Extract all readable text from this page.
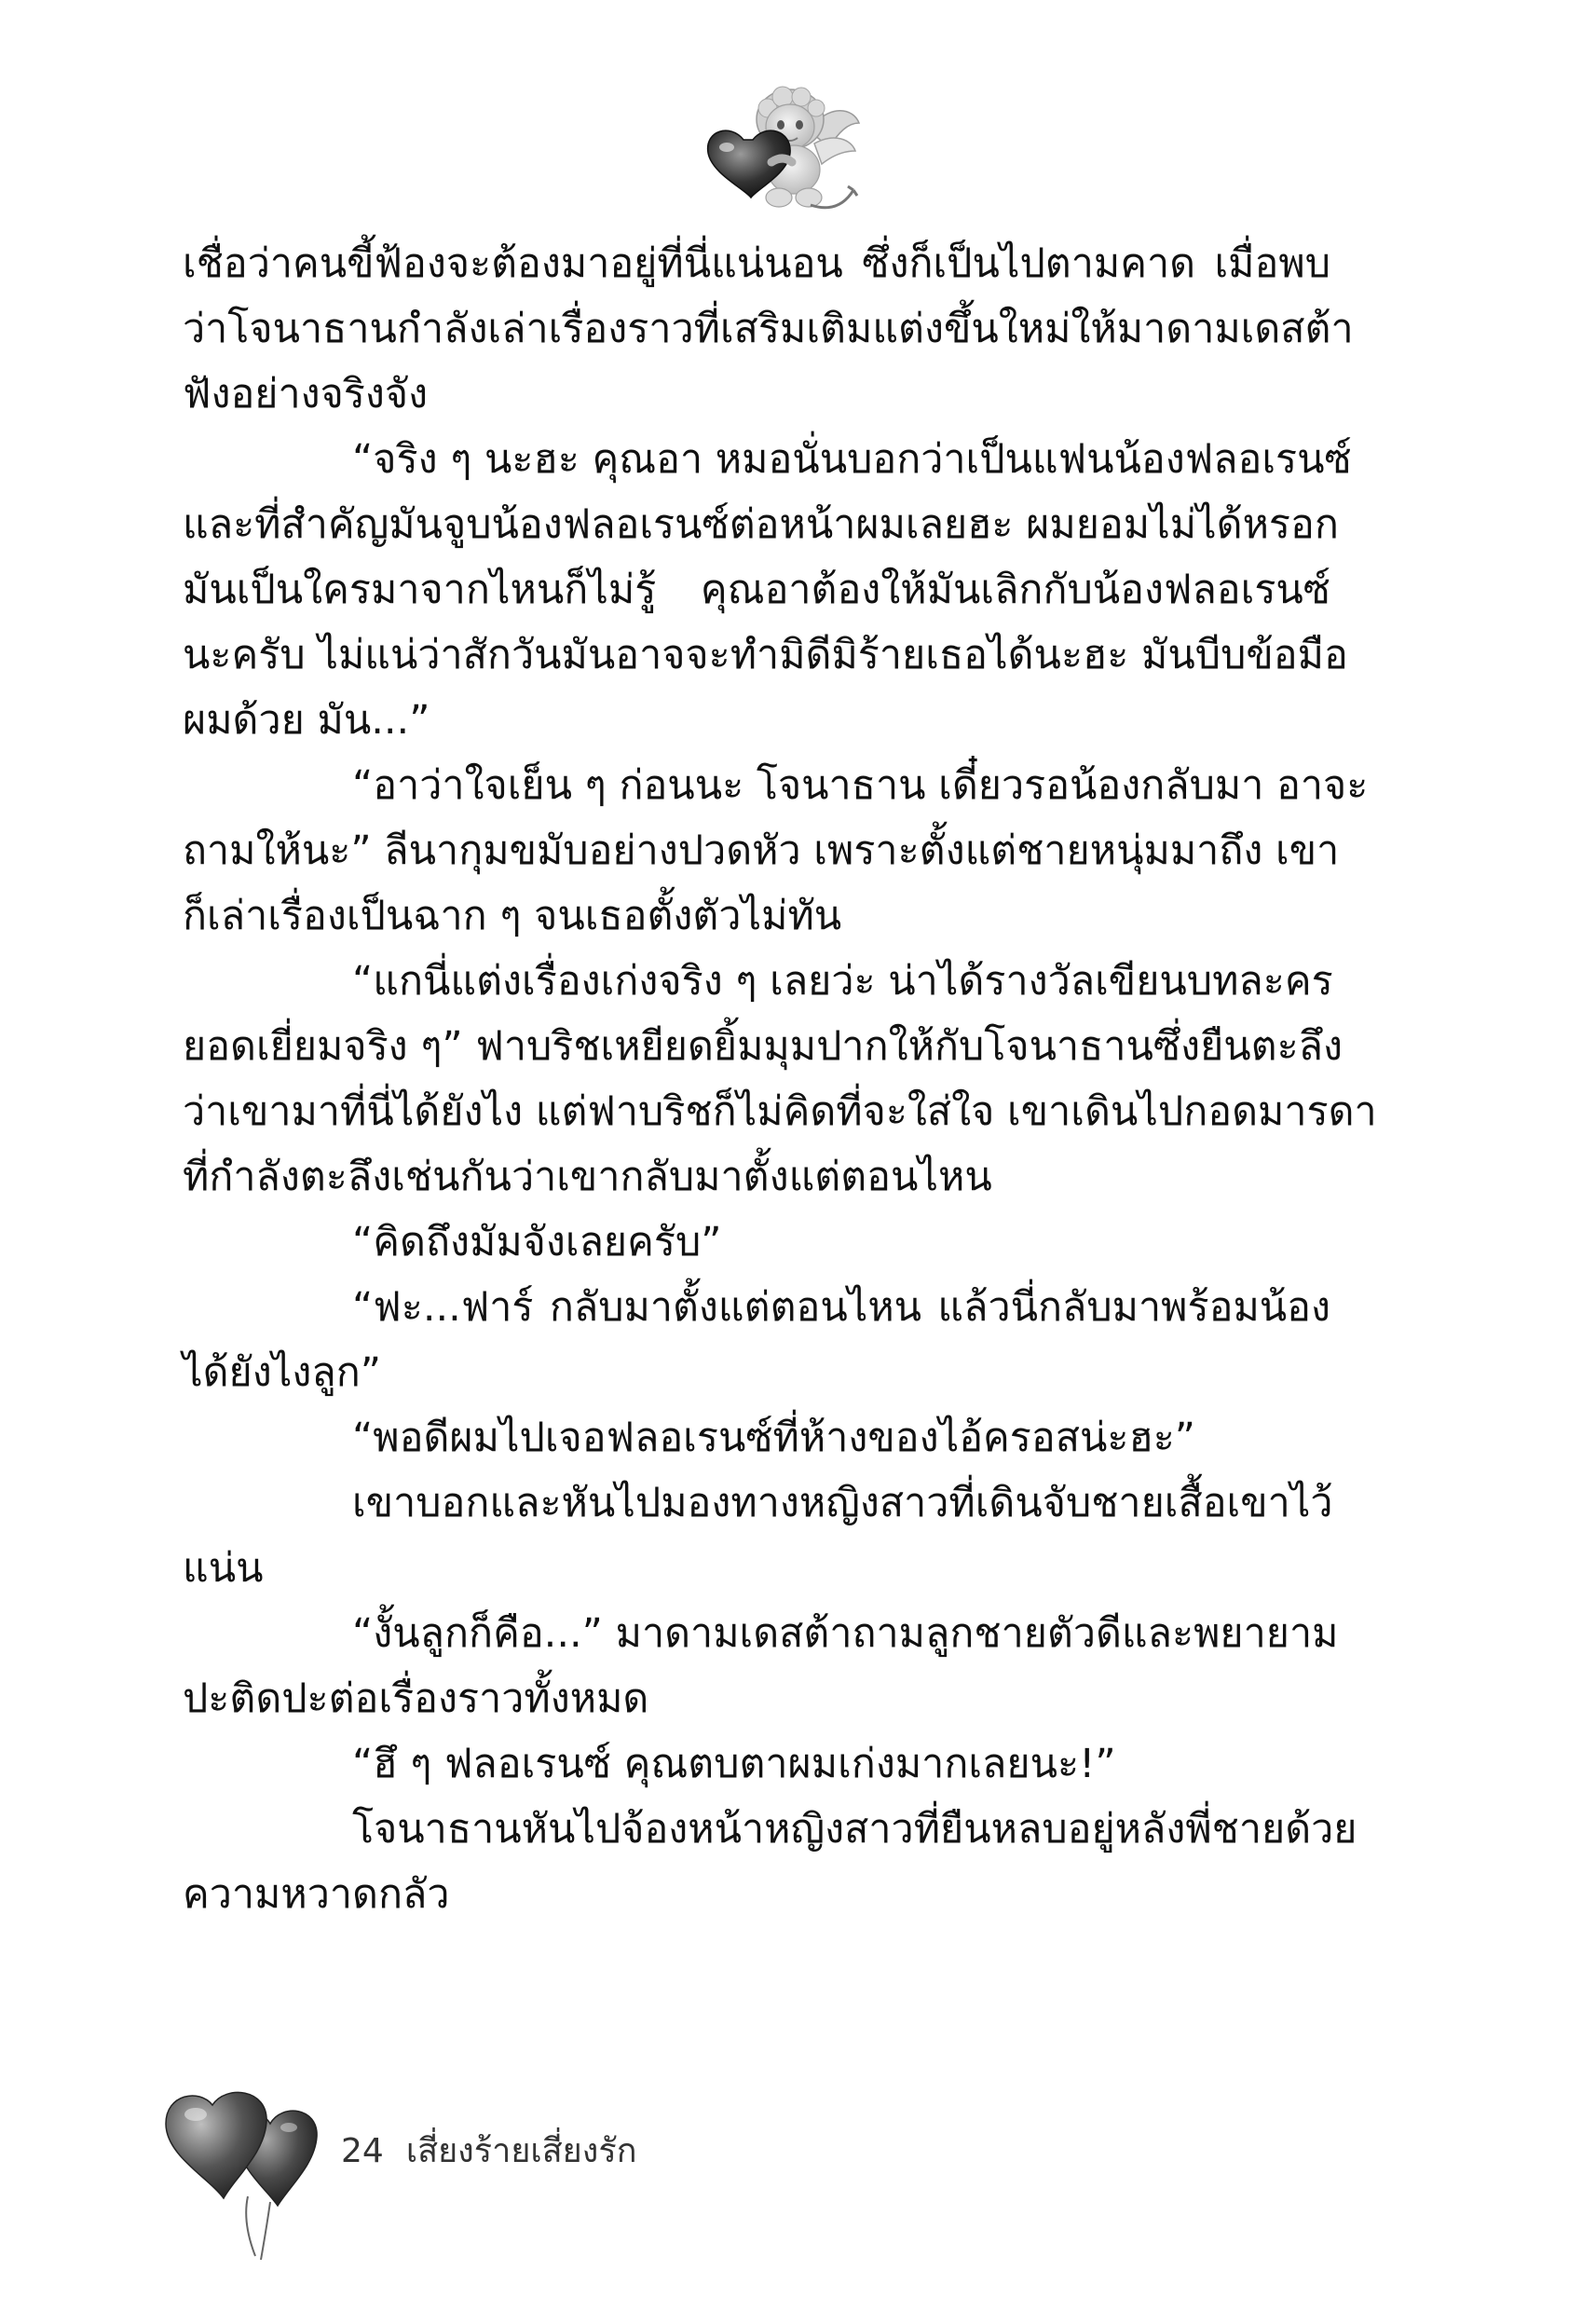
เชื่อว่าคนขี้ฟ้องจะต้องมาอยู่ที่นี่แน่นอน ซึ่งก็เป็นไปตามคาด เมื่อพบ
ว่าโจนาธานกำลังเล่าเรื่องราวที่เสริมเติมแต่งขึ้นใหม่ให้มาดามเดสต้า
ฟังอย่างจริงจัง
“จริง ๆ นะฮะ คุณอา หมอนั่นบอกว่าเป็นแฟนน้องฟลอเรนซ์
และที่สำคัญมันจูบน้องฟลอเรนซ์ต่อหน้าผมเลยฮะ ผมยอมไม่ได้หรอก
มันเป็นใครมาจากไหนก็ไม่รู้ คุณอาต้องให้มันเลิกกับน้องฟลอเรนซ์
นะครับ ไม่แน่ว่าสักวันมันอาจจะทำมิดีมิร้ายเธอได้นะฮะ มันบีบข้อมือ
ผมด้วย มัน...”
“อาว่าใจเย็น ๆ ก่อนนะ โจนาธาน เดี๋ยวรอน้องกลับมา อาจะ
ถามให้นะ” ลีนากุมขมับอย่างปวดหัว เพราะตั้งแต่ชายหนุ่มมาถึง เขา
ก็เล่าเรื่องเป็นฉาก ๆ จนเธอตั้งตัวไม่ทัน
“แกนี่แต่งเรื่องเก่งจริง ๆ เลยว่ะ น่าได้รางวัลเขียนบทละคร
ยอดเยี่ยมจริง ๆ” ฟาบริชเหยียดยิ้มมุมปากให้กับโจนาธานซึ่งยืนตะลึง
ว่าเขามาที่นี่ได้ยังไง แต่ฟาบริชก็ไม่คิดที่จะใส่ใจ เขาเดินไปกอดมารดา
ที่กำลังตะลึงเช่นกันว่าเขากลับมาตั้งแต่ตอนไหน
“คิดถึงมัมจังเลยครับ”
“ฟะ...ฟาร์ กลับมาตั้งแต่ตอนไหน แล้วนี่กลับมาพร้อมน้อง
ได้ยังไงลูก”
“พอดีผมไปเจอฟลอเรนซ์ที่ห้างของไอ้ครอสน่ะฮะ”
เขาบอกและหันไปมองทางหญิงสาวที่เดินจับชายเสื้อเขาไว้
แน่น
“งั้นลูกก็คือ...” มาดามเดสต้าถามลูกชายตัวดีและพยายาม
ปะติดปะต่อเรื่องราวทั้งหมด
“ฮึ ๆ ฟลอเรนซ์ คุณตบตาผมเก่งมากเลยนะ!”
โจนาธานหันไปจ้องหน้าหญิงสาวที่ยืนหลบอยู่หลังพี่ชายด้วย
ความหวาดกลัว
24 เสี่ยงร้ายเสี่ยงรัก
